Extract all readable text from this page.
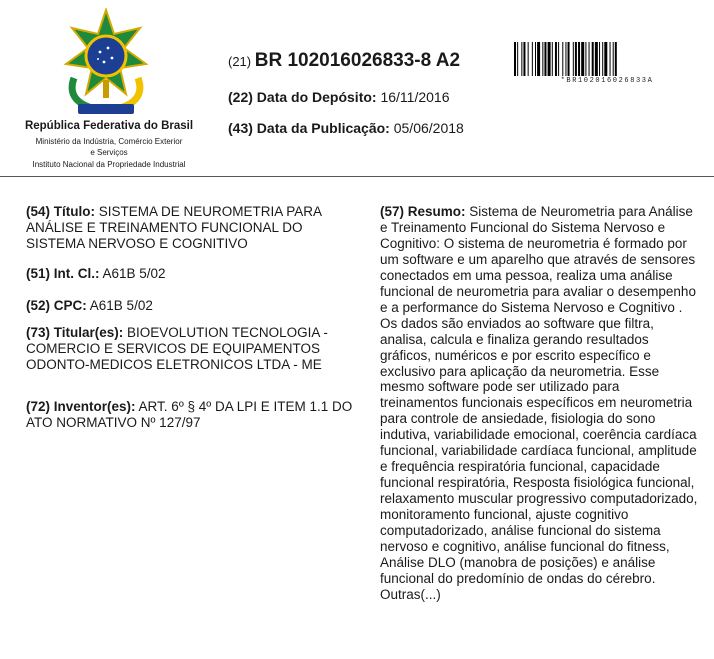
República Federativa do Brasil
Ministério da Indústria, Comércio Exterior
e Serviços
Instituto Nacional da Propriedade Industrial
(21) BR 102016026833-8 A2
(22) Data do Depósito: 16/11/2016
(43) Data da Publicação: 05/06/2018
*BR102016026833A
(54) Título: SISTEMA DE NEUROMETRIA PARA ANÁLISE E TREINAMENTO FUNCIONAL DO SISTEMA NERVOSO E COGNITIVO
(51) Int. Cl.: A61B 5/02
(52) CPC: A61B 5/02
(73) Titular(es): BIOEVOLUTION TECNOLOGIA - COMERCIO E SERVICOS DE EQUIPAMENTOS ODONTO-MEDICOS ELETRONICOS LTDA - ME
(72) Inventor(es): ART. 6º § 4º DA LPI E ITEM 1.1 DO ATO NORMATIVO Nº 127/97
(57) Resumo: Sistema de Neurometria para Análise e Treinamento Funcional do Sistema Nervoso e Cognitivo: O sistema de neurometria é formado por um software e um aparelho que através de sensores conectados em uma pessoa, realiza uma análise funcional de neurometria para avaliar o desempenho e a performance do Sistema Nervoso e Cognitivo . Os dados são enviados ao software que filtra, analisa, calcula e finaliza gerando resultados gráficos, numéricos e por escrito específico e exclusivo para aplicação da neurometria. Esse mesmo software pode ser utilizado para treinamentos funcionais específicos em neurometria para controle de ansiedade, fisiologia do sono indutiva, variabilidade emocional, coerência cardíaca funcional, variabilidade cardíaca funcional, amplitude e frequência respiratória funcional, capacidade funcional respiratória, Resposta fisiológica funcional, relaxamento muscular progressivo computadorizado, monitoramento funcional, ajuste cognitivo computadorizado, análise funcional do sistema nervoso e cognitivo, análise funcional do fitness, Análise DLO (manobra de posições) e análise funcional do predomínio de ondas do cérebro. Outras(...)
